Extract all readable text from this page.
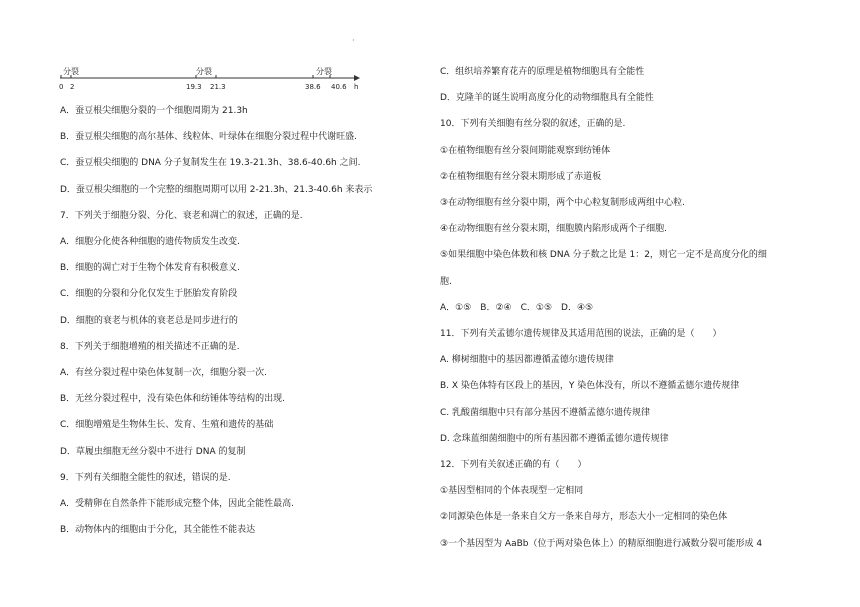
·
分裂	分裂	分裂
0 2	19.3 21.3	38.6 40.6 h
A．蚕豆根尖细胞分裂的一个细胞周期为 21.3h
B．蚕豆根尖细胞的高尔基体、线粒体、叶绿体在细胞分裂过程中代谢旺盛.
C．蚕豆根尖细胞的 DNA 分子复制发生在 19.3-21.3h、38.6-40.6h 之间.
D．蚕豆根尖细胞的一个完整的细胞周期可以用 2-21.3h、21.3-40.6h 来表示
7．下列关于细胞分裂、分化、衰老和凋亡的叙述，正确的是.
A．细胞分化使各种细胞的遗传物质发生改变.
B．细胞的凋亡对于生物个体发育有积极意义.
C．细胞的分裂和分化仅发生于胚胎发育阶段
D．细胞的衰老与机体的衰老总是同步进行的
8．下列关于细胞增殖的相关描述不正确的是.
A．有丝分裂过程中染色体复制一次，细胞分裂一次.
B．无丝分裂过程中，没有染色体和纺锤体等结构的出现.
C．细胞增殖是生物体生长、发育、生殖和遗传的基础
D．草履虫细胞无丝分裂中不进行 DNA 的复制
9．下列有关细胞全能性的叙述，错误的是.
A．受精卵在自然条件下能形成完整个体，因此全能性最高.
B．动物体内的细胞由于分化，其全能性不能表达
C．组织培养繁育花卉的原理是植物细胞具有全能性
D．克隆羊的诞生说明高度分化的动物细胞具有全能性
10．下列有关细胞有丝分裂的叙述，正确的是.
①在植物细胞有丝分裂间期能观察到纺锤体
②在植物细胞有丝分裂末期形成了赤道板
③在动物细胞有丝分裂中期，两个中心粒复制形成两组中心粒.
④在动物细胞有丝分裂末期，细胞膜内陷形成两个子细胞.
⑤如果细胞中染色体数和核 DNA 分子数之比是 1：2，则它一定不是高度分化的细
胞.
A．①⑤　B．②④　C．①⑤　D．④⑤
11．下列有关孟德尔遗传规律及其适用范围的说法，正确的是（　　）
A. 柳树细胞中的基因都遵循孟德尔遗传规律
B. X 染色体特有区段上的基因，Y 染色体没有，所以不遵循孟德尔遗传规律
C. 乳酸菌细胞中只有部分基因不遵循孟德尔遗传规律
D. 念珠蓝细菌细胞中的所有基因都不遵循孟德尔遗传规律
12．下列有关叙述正确的有（　　）
①基因型相同的个体表现型一定相同
②同源染色体是一条来自父方一条来自母方，形态大小一定相同的染色体
③一个基因型为 AaBb（位于两对染色体上）的精原细胞进行减数分裂可能形成 4
